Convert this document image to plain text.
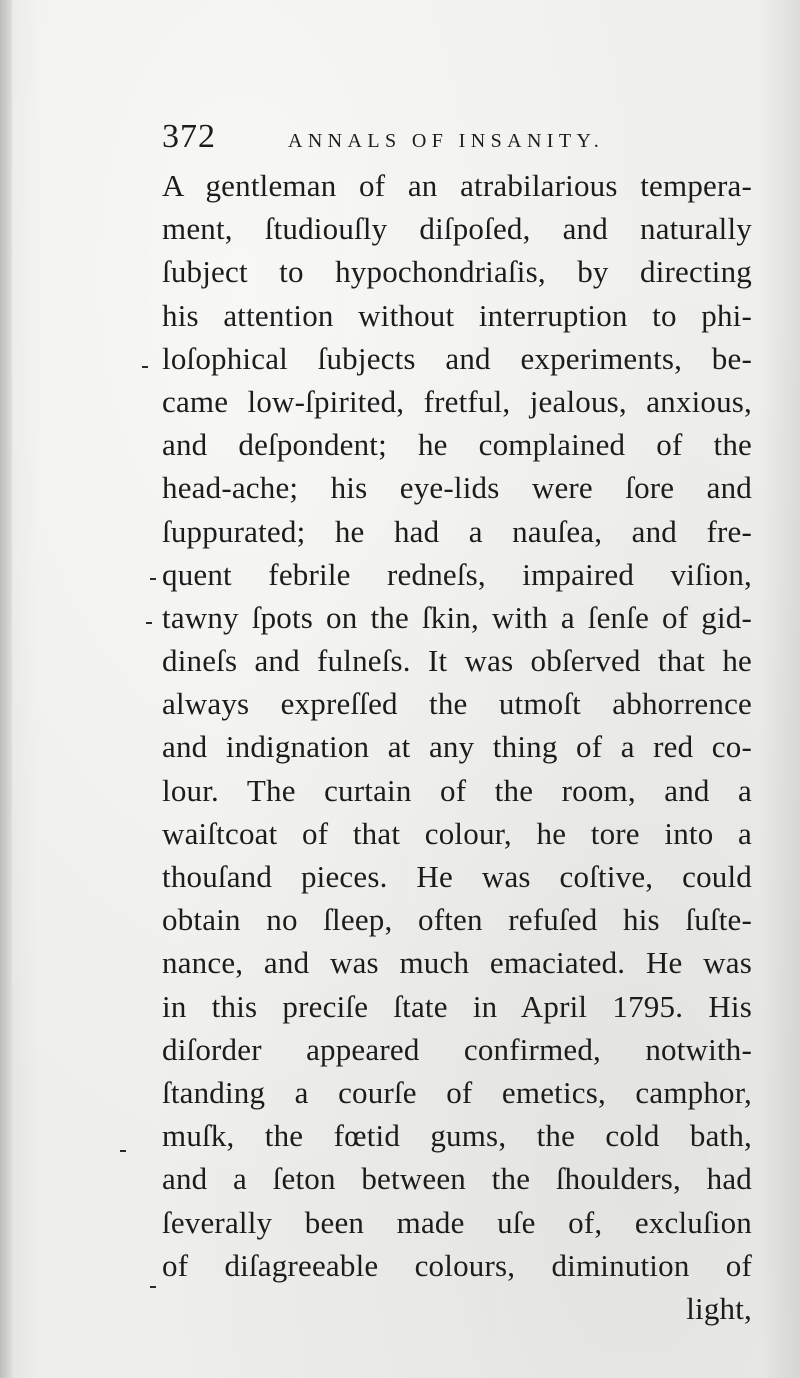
372	ANNALS OF INSANITY.
A gentleman of an atrabilarious tempera-
ment, ſtudiouſly diſpoſed, and naturally
ſubject to hypochondriaſis, by directing
his attention without interruption to phi-
loſophical ſubjects and experiments, be-
came low-ſpirited, fretful, jealous, anxious,
and deſpondent; he complained of the
head-ache; his eye-lids were ſore and
ſuppurated; he had a nauſea, and fre-
quent febrile redneſs, impaired viſion,
tawny ſpots on the ſkin, with a ſenſe of gid-
dineſs and fulneſs. It was obſerved that he
always expreſſed the utmoſt abhorrence
and indignation at any thing of a red co-
lour. The curtain of the room, and a
waiſtcoat of that colour, he tore into a
thouſand pieces. He was coſtive, could
obtain no ſleep, often refuſed his ſuſte-
nance, and was much emaciated. He was
in this preciſe ſtate in April 1795. His
diſorder appeared confirmed, notwith-
ſtanding a courſe of emetics, camphor,
muſk, the fœtid gums, the cold bath,
and a ſeton between the ſhoulders, had
ſeverally been made uſe of, excluſion
of diſagreeable colours, diminution of
light,
